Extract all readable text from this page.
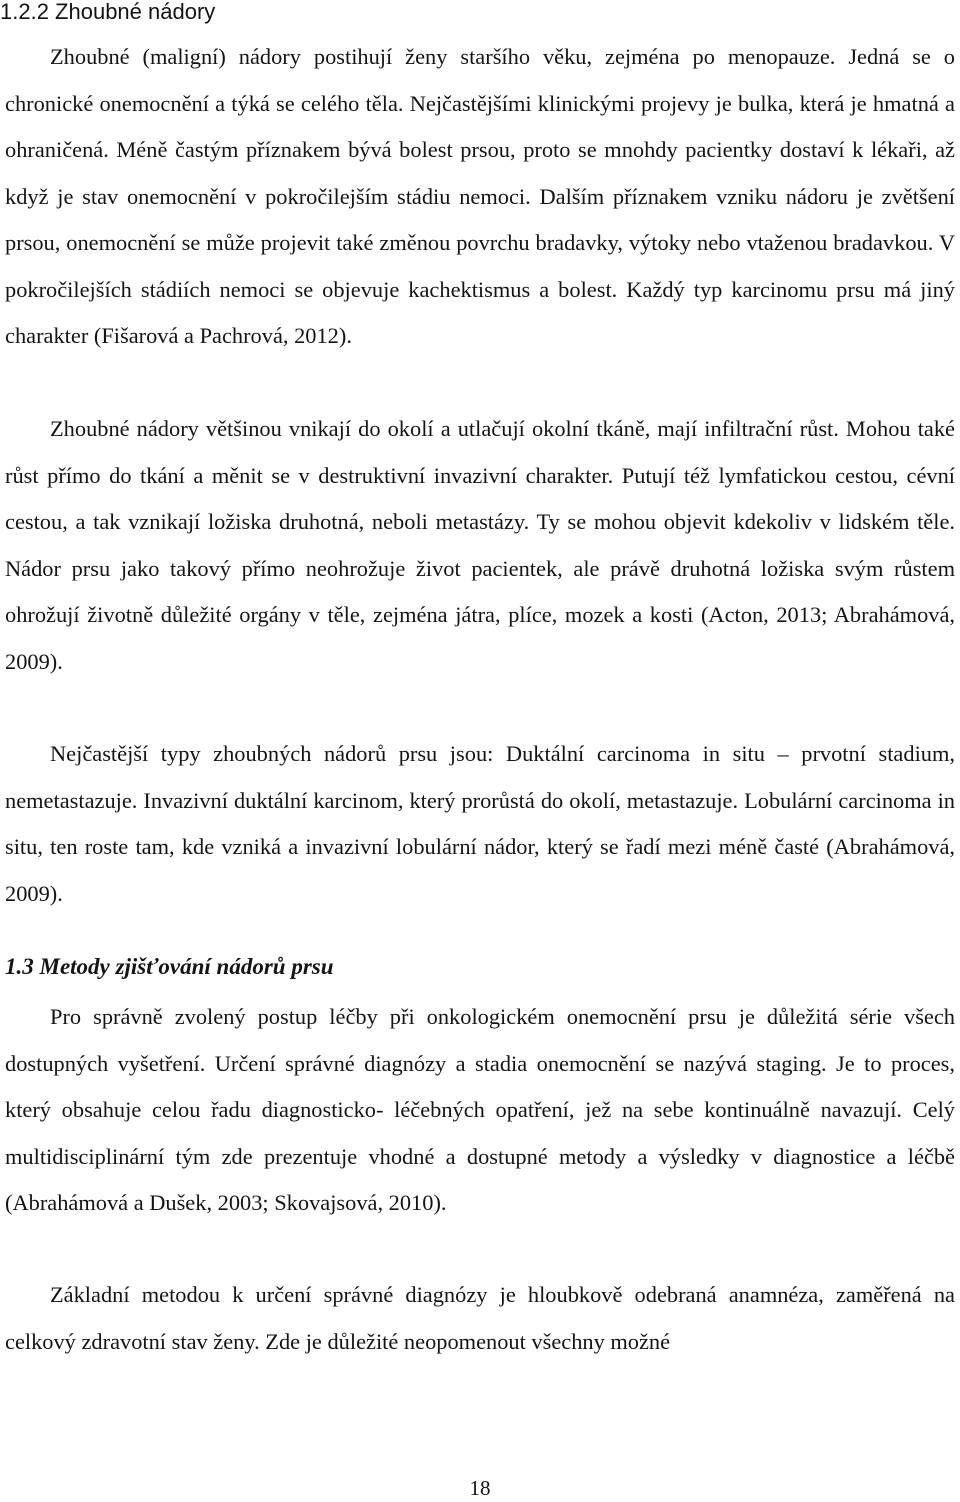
1.2.2 Zhoubné nádory

Zhoubné (maligní) nádory postihují ženy staršího věku, zejména po menopauze. Jedná se o chronické onemocnění a týká se celého těla. Nejčastějšími klinickými projevy je bulka, která je hmatná a ohraničená. Méně častým příznakem bývá bolest prsou, proto se mnohdy pacientky dostaví k lékaři, až když je stav onemocnění v pokročilejším stádiu nemoci. Dalším příznakem vzniku nádoru je zvětšení prsou, onemocnění se může projevit také změnou povrchu bradavky, výtoky nebo vtaženou bradavkou. V pokročilejších stádiích nemoci se objevuje kachektismus a bolest. Každý typ karcinomu prsu má jiný charakter (Fišarová a Pachrová, 2012).

Zhoubné nádory většinou vnikají do okolí a utlačují okolní tkáně, mají infiltrační růst. Mohou také růst přímo do tkání a měnit se v destruktivní invazivní charakter. Putují též lymfatickou cestou, cévní cestou, a tak vznikají ložiska druhotná, neboli metastázy. Ty se mohou objevit kdekoliv v lidském těle. Nádor prsu jako takový přímo neohrožuje život pacientek, ale právě druhotná ložiska svým růstem ohrožují životně důležité orgány v těle, zejména játra, plíce, mozek a kosti (Acton, 2013; Abrahámová, 2009).

Nejčastější typy zhoubných nádorů prsu jsou: Duktální carcinoma in situ – prvotní stadium, nemetastazuje. Invazivní duktální karcinom, který prorůstá do okolí, metastazuje. Lobulární carcinoma in situ, ten roste tam, kde vzniká a invazivní lobulární nádor, který se řadí mezi méně časté (Abrahámová, 2009).

1.3 Metody zjišťování nádorů prsu

Pro správně zvolený postup léčby při onkologickém onemocnění prsu je důležitá série všech dostupných vyšetření. Určení správné diagnózy a stadia onemocnění se nazývá staging. Je to proces, který obsahuje celou řadu diagnosticko- léčebných opatření, jež na sebe kontinuálně navazují. Celý multidisciplinární tým zde prezentuje vhodné a dostupné metody a výsledky v diagnostice a léčbě (Abrahámová a Dušek, 2003; Skovajsová, 2010).

Základní metodou k určení správné diagnózy je hloubkově odebraná anamnéza, zaměřená na celkový zdravotní stav ženy. Zde je důležité neopomenout všechny možné

18
